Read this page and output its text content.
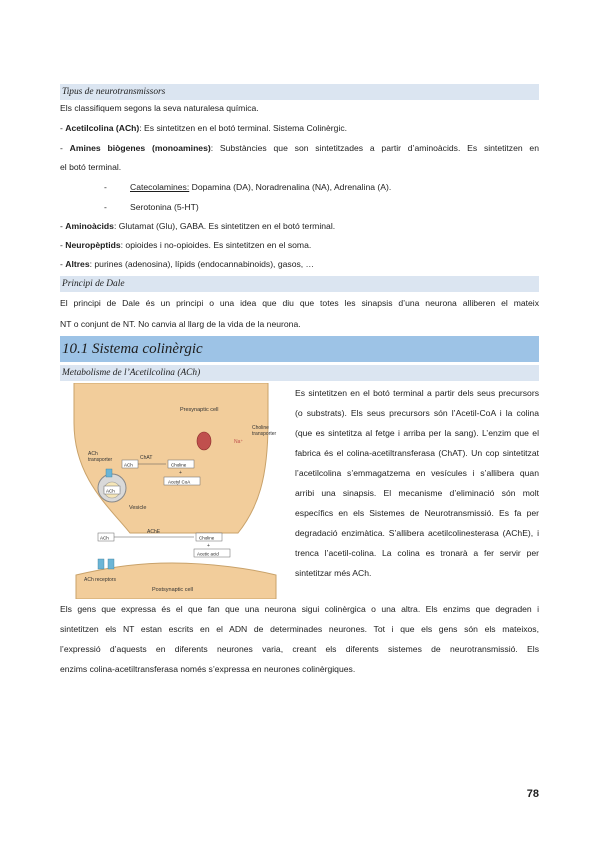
Tipus de neurotransmissors
Els classifiquem segons la seva naturalesa química.
- Acetilcolina (ACh): Es sintetitzen en el botó terminal. Sistema Colinèrgic.
- Amines biògenes (monoamines): Substàncies que son sintetitzades a partir d’aminoàcids. Es sintetitzen en
el botó terminal.
-	Catecolamines: Dopamina (DA), Noradrenalina (NA), Adrenalina (A).
-	Serotonina (5-HT)
- Aminoàcids: Glutamat (Glu), GABA. Es sintetitzen en el botó terminal.
- Neuropèptids: opioides i no-opioides. Es sintetitzen en el soma.
- Altres: purines (adenosina), lípids (endocannabinoids), gasos, …
Principi de Dale
El principi de Dale és un principi o una idea que diu que totes les sinapsis d’una neurona alliberen el mateix
NT o conjunt de NT. No canvia al llarg de la vida de la neurona.
10.1 Sistema colinèrgic
Metabolisme de l’Acetilcolina (ACh)
Presynaptic cell
Postsynaptic cell
ACh
Vesicle
ACh transporter
ACh
ChAT
Choline
+
Acetyl CoA
Na⁺
Choline transporter
ACh
AChE
Choline
+
Acetic acid
ACh receptors
Es sintetitzen en el botó terminal a partir dels seus precursors
(o substrats). Els seus precursors són l’Acetil-CoA i la colina
(que es sintetitza al fetge i arriba per la sang). L’enzim que el
fabrica és el colina-acetiltransferasa (ChAT). Un cop sintetitzat
l’acetilcolina s’emmagatzema en vesícules i s’allibera quan
arribi una sinapsis. El mecanisme d’eliminació són molt
específics en els Sistemes de Neurotransmissió. Es fa per
degradació enzimàtica. S’allibera acetilcolinesterasa (AChE), i
trenca l’acetil-colina. La colina es tronarà a fer servir per
sintetitzar més ACh.
Els gens que expressa és el que fan que una neurona sigui colinèrgica o una altra. Els enzims que degraden i
sintetitzen els NT estan escrits en el ADN de determinades neurones. Tot i que els gens són els mateixos,
l’expressió d’aquests en diferents neurones varia, creant els diferents sistemes de neurotransmissió. Els
enzims colina-acetiltransferasa només s’expressa en neurones colinèrgiques.
78
